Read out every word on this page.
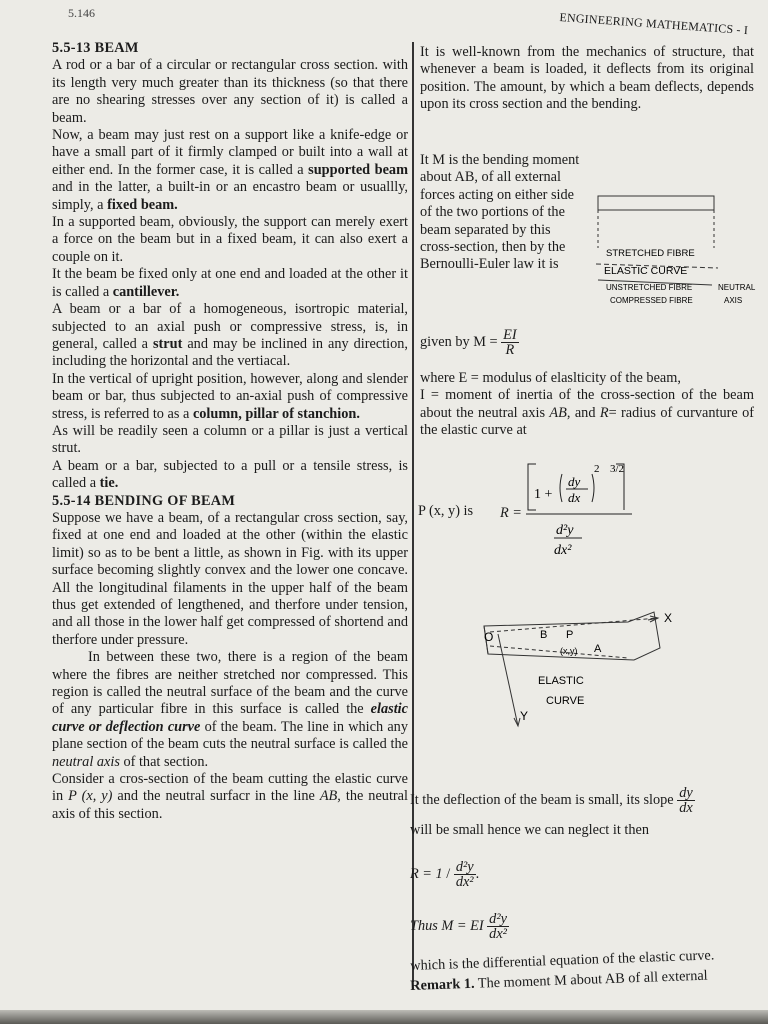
5.146	ENGINEERING MATHEMATICS - I

5.5-13 BEAM

A rod or a bar of a circular or rectangular cross section. with its length very much greater than its thickness (so that there are no shearing stresses over any section of it) is called a beam.

Now, a beam may just rest on a support like a knife-edge or have a small part of it firmly clamped or built into a wall at either end. In the former case, it is called a supported beam and in the latter, a built-in or an encastro beam or usuallly, simply, a fixed beam.

In a supported beam, obviously, the support can merely exert a force on the beam but in a fixed beam, it can also exert a couple on it.

It the beam be fixed only at one end and loaded at the other it is called a cantillever.

A beam or a bar of a homogeneous, isortropic material, subjected to an axial push or compressive stress, is, in general, called a strut and may be inclined in any direction, including the horizontal and the vertiacal.

In the vertical of upright position, however, along and slender beam or bar, thus subjected to an-axial push of compressive stress, is referred to as a column, pillar of stanchion.

As will be readily seen a column or a pillar is just a vertical strut.

A beam or a bar, subjected to a pull or a tensile stress, is called a tie.

5.5-14 BENDING OF BEAM

Suppose we have a beam, of a rectangular cross section, say, fixed at one end and loaded at the other (within the elastic limit) so as to be bent a little, as shown in Fig. with its upper surface becoming slightly convex and the lower one concave. All the longitudinal filaments in the upper half of the beam thus get extended of lengthened, and therfore under tension, and all those in the lower half get compressed of shortend and therfore under pressure.

In between these two, there is a region of the beam where the fibres are neither stretched nor compressed. This region is called the neutral surface of the beam and the curve of any particular fibre in this surface is called the elastic curve or deflection curve of the beam. The line in which any plane section of the beam cuts the neutral surface is called the neutral axis of that section.

Consider a cros-section of the beam cutting the elastic curve in P (x, y) and the neutral surfacr in the line AB, the neutral axis of this section.

It is well-known from the mechanics of structure, that whenever a beam is loaded, it deflects from its original position. The amount, by which a beam deflects, depends upon its cross section and the bending.

It M is the bending moment about AB, of all external forces acting on either side of the two portions of the beam separated by this cross-section, then by the Bernoulli-Euler law it is

STRETCHED FIBRE
ELASTIC CURVE
UNSTRETCHED FIBRE	NEUTRAL
COMPRESSED FIBRE	AXIS
given by $M = \frac{EI}{R}$

where E = modulus of elaslticity of the beam,

I = moment of inertia of the cross-section of the beam about the neutral axis AB, and R= radius of curvanture of the elastic curve at

P (x, y) is R =
1 +
dy
dx
2 3/2
d²y
dx²
O	B P
(x,y) A
X
Y
ELASTIC
CURVE
It the deflection of the beam is small, its slope $\frac{dy}{dx}$
will be small hence we can neglect it then
$R = 1 / \frac{\text{d²y}}{\text{dx²}}$ .
Thus M = EI $\frac{\text{d²y}}{\text{dx²}}$
which is the differential equation of the elastic curve.
Remark 1. The moment M about AB of all external
